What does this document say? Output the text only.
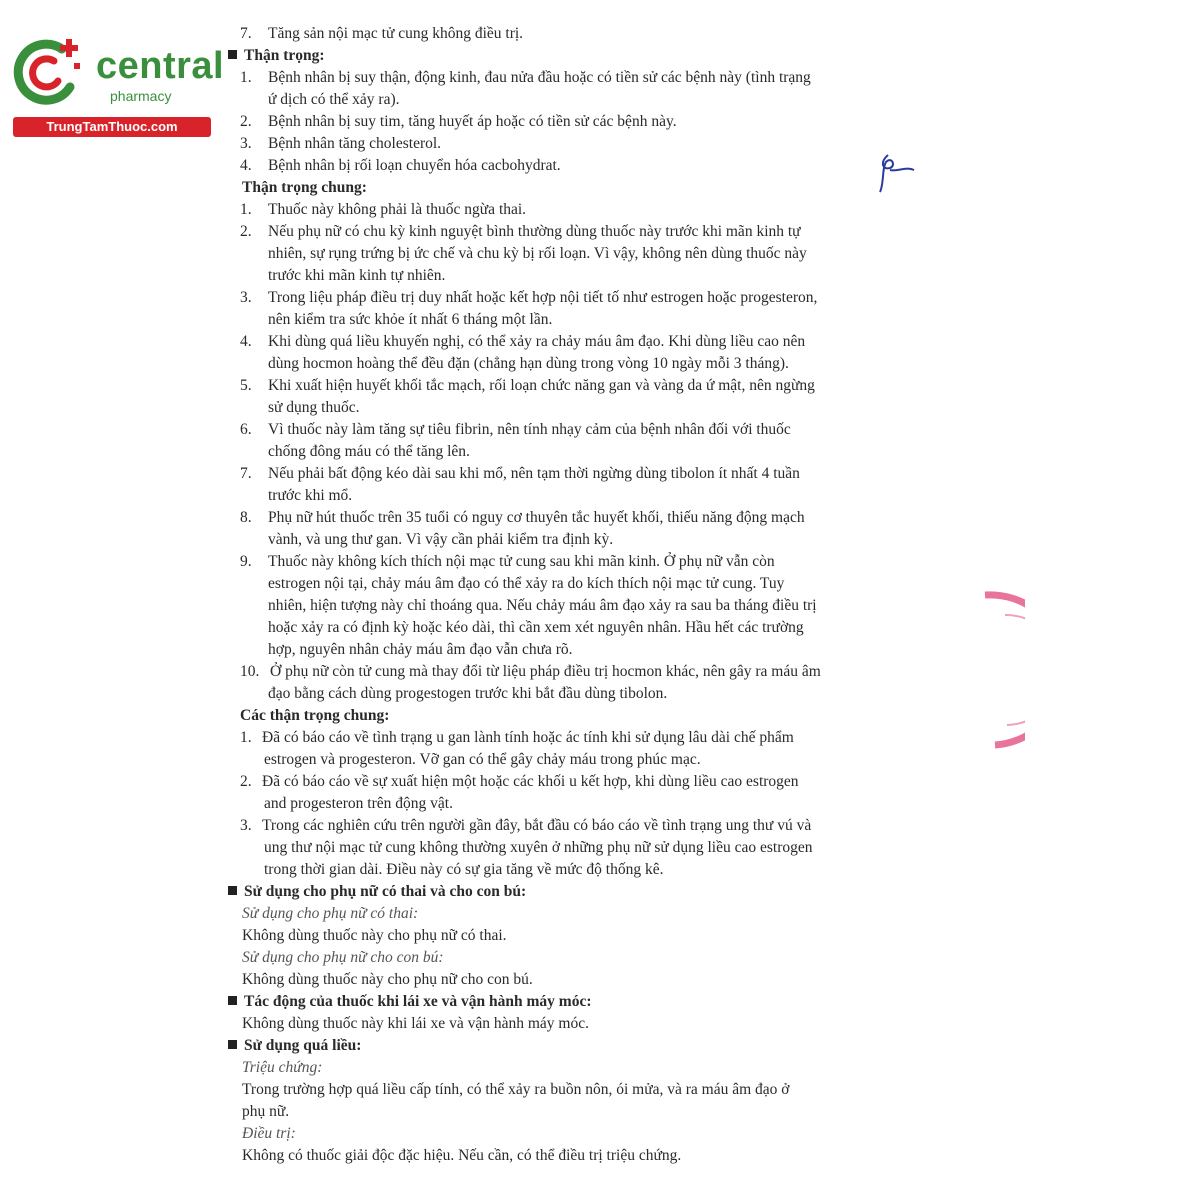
central
pharmacy
TrungTamThuoc.com
7. Tăng sản nội mạc tử cung không điều trị.
Thận trọng:
1. Bệnh nhân bị suy thận, động kinh, đau nửa đầu hoặc có tiền sử các bệnh này (tình trạng
ứ dịch có thể xảy ra).
2. Bệnh nhân bị suy tim, tăng huyết áp hoặc có tiền sử các bệnh này.
3. Bệnh nhân tăng cholesterol.
4. Bệnh nhân bị rối loạn chuyển hóa cacbohydrat.
Thận trọng chung:
1. Thuốc này không phải là thuốc ngừa thai.
2. Nếu phụ nữ có chu kỳ kinh nguyệt bình thường dùng thuốc này trước khi mãn kinh tự
nhiên, sự rụng trứng bị ức chế và chu kỳ bị rối loạn. Vì vậy, không nên dùng thuốc này
trước khi mãn kinh tự nhiên.
3. Trong liệu pháp điều trị duy nhất hoặc kết hợp nội tiết tố như estrogen hoặc progesteron,
nên kiểm tra sức khỏe ít nhất 6 tháng một lần.
4. Khi dùng quá liều khuyến nghị, có thể xảy ra chảy máu âm đạo. Khi dùng liều cao nên
dùng hocmon hoàng thể đều đặn (chẳng hạn dùng trong vòng 10 ngày mỗi 3 tháng).
5. Khi xuất hiện huyết khối tắc mạch, rối loạn chức năng gan và vàng da ứ mật, nên ngừng
sử dụng thuốc.
6. Vì thuốc này làm tăng sự tiêu fibrin, nên tính nhạy cảm của bệnh nhân đối với thuốc
chống đông máu có thể tăng lên.
7. Nếu phải bất động kéo dài sau khi mổ, nên tạm thời ngừng dùng tibolon ít nhất 4 tuần
trước khi mổ.
8. Phụ nữ hút thuốc trên 35 tuổi có nguy cơ thuyên tắc huyết khối, thiếu năng động mạch
vành, và ung thư gan. Vì vậy cần phải kiểm tra định kỳ.
9. Thuốc này không kích thích nội mạc tử cung sau khi mãn kinh. Ở phụ nữ vẫn còn
estrogen nội tại, chảy máu âm đạo có thể xảy ra do kích thích nội mạc tử cung. Tuy
nhiên, hiện tượng này chỉ thoáng qua. Nếu chảy máu âm đạo xảy ra sau ba tháng điều trị
hoặc xảy ra có định kỳ hoặc kéo dài, thì cần xem xét nguyên nhân. Hầu hết các trường
hợp, nguyên nhân chảy máu âm đạo vẫn chưa rõ.
10. Ở phụ nữ còn tử cung mà thay đổi từ liệu pháp điều trị hocmon khác, nên gây ra máu âm
đạo bằng cách dùng progestogen trước khi bắt đầu dùng tibolon.
Các thận trọng chung:
1. Đã có báo cáo về tình trạng u gan lành tính hoặc ác tính khi sử dụng lâu dài chế phẩm
estrogen và progesteron. Vỡ gan có thể gây chảy máu trong phúc mạc.
2. Đã có báo cáo về sự xuất hiện một hoặc các khối u kết hợp, khi dùng liều cao estrogen
and progesteron trên động vật.
3. Trong các nghiên cứu trên người gần đây, bắt đầu có báo cáo về tình trạng ung thư vú và
ung thư nội mạc tử cung không thường xuyên ở những phụ nữ sử dụng liều cao estrogen
trong thời gian dài. Điều này có sự gia tăng về mức độ thống kê.
Sử dụng cho phụ nữ có thai và cho con bú:
Sử dụng cho phụ nữ có thai:
Không dùng thuốc này cho phụ nữ có thai.
Sử dụng cho phụ nữ cho con bú:
Không dùng thuốc này cho phụ nữ cho con bú.
Tác động của thuốc khi lái xe và vận hành máy móc:
Không dùng thuốc này khi lái xe và vận hành máy móc.
Sử dụng quá liều:
Triệu chứng:
Trong trường hợp quá liều cấp tính, có thể xảy ra buồn nôn, ói mửa, và ra máu âm đạo ở
phụ nữ.
Điều trị:
Không có thuốc giải độc đặc hiệu. Nếu cần, có thể điều trị triệu chứng.
